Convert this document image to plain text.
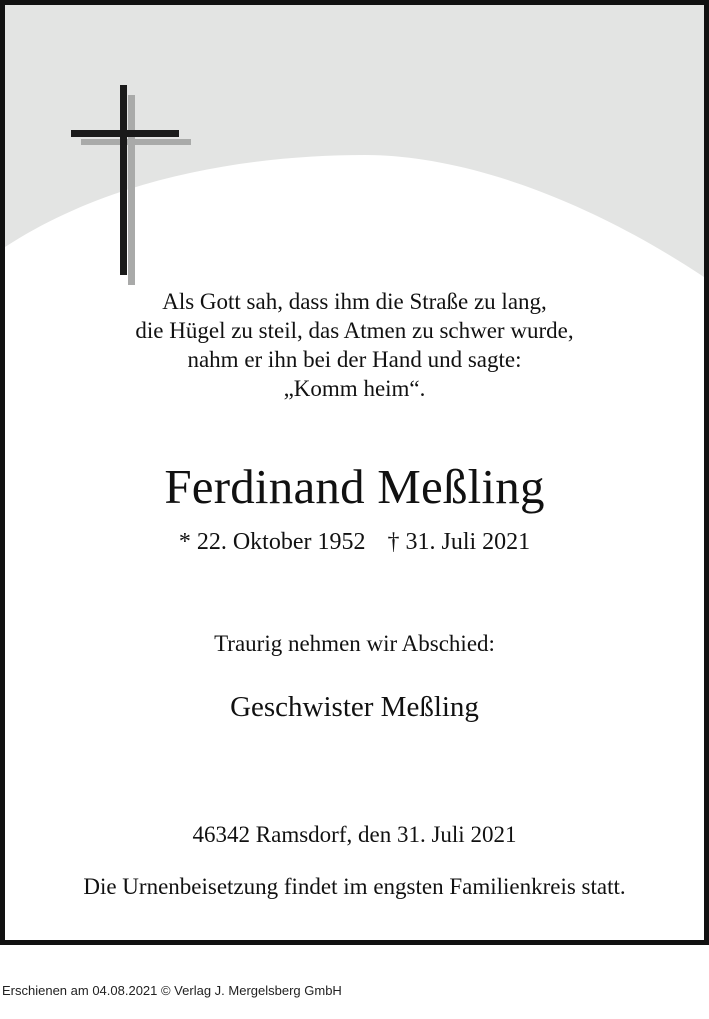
Als Gott sah, dass ihm die Straße zu lang,
die Hügel zu steil, das Atmen zu schwer wurde,
nahm er ihn bei der Hand und sagte:
„Komm heim“.
Ferdinand Meßling
* 22. Oktober 1952 † 31. Juli 2021
Traurig nehmen wir Abschied:
Geschwister Meßling
46342 Ramsdorf, den 31. Juli 2021
Die Urnenbeisetzung findet im engsten Familienkreis statt.
Erschienen am 04.08.2021 © Verlag J. Mergelsberg GmbH
